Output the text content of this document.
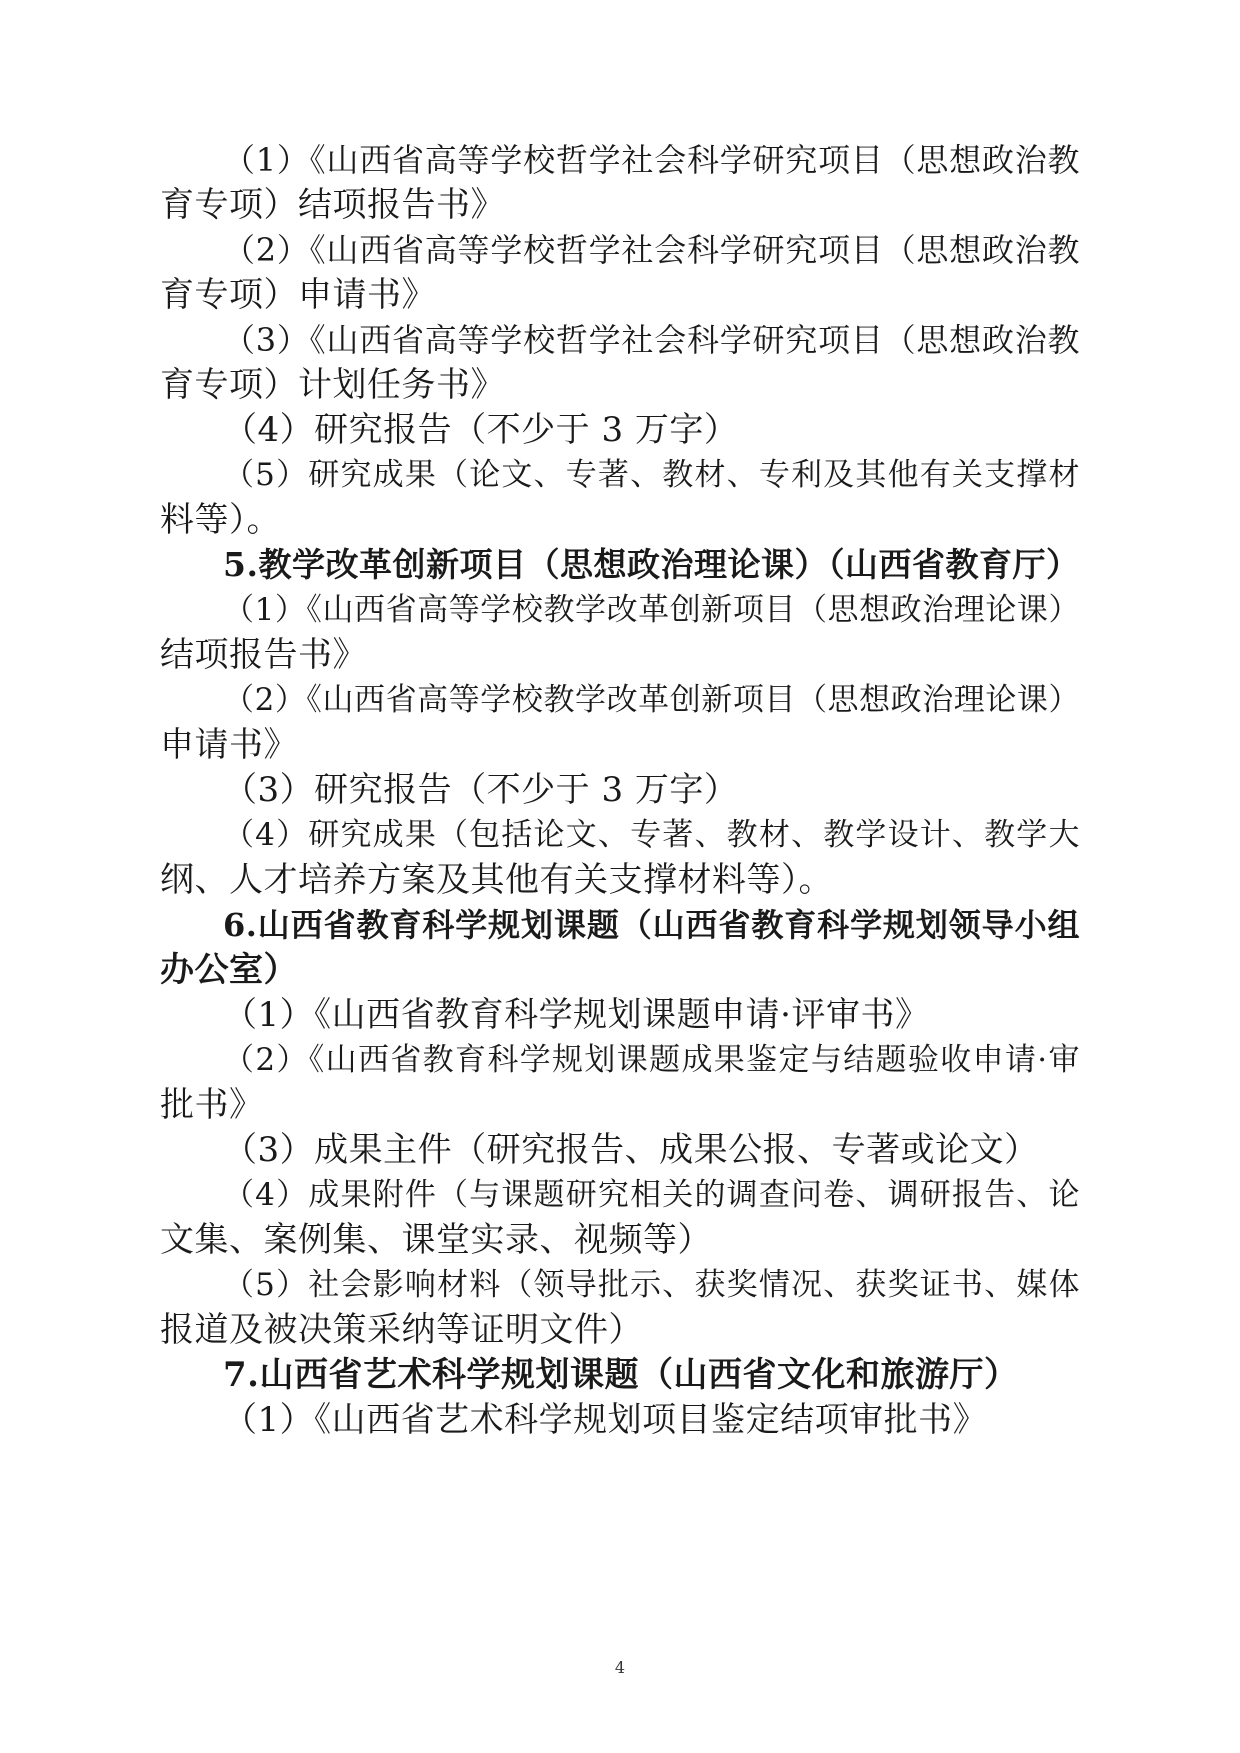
（1）《山西省高等学校哲学社会科学研究项目（思想政治教
育专项）结项报告书》
（2）《山西省高等学校哲学社会科学研究项目（思想政治教
育专项）申请书》
（3）《山西省高等学校哲学社会科学研究项目（思想政治教
育专项）计划任务书》
（4）研究报告（不少于 3 万字）
（5）研究成果（论文、专著、教材、专利及其他有关支撑材
料等）。
5.教学改革创新项目（思想政治理论课）（山西省教育厅）
（1）《山西省高等学校教学改革创新项目（思想政治理论课）
结项报告书》
（2）《山西省高等学校教学改革创新项目（思想政治理论课）
申请书》
（3）研究报告（不少于 3 万字）
（4）研究成果（包括论文、专著、教材、教学设计、教学大
纲、人才培养方案及其他有关支撑材料等）。
6.山西省教育科学规划课题（山西省教育科学规划领导小组
办公室）
（1）《山西省教育科学规划课题申请·评审书》
（2）《山西省教育科学规划课题成果鉴定与结题验收申请·审
批书》
（3）成果主件（研究报告、成果公报、专著或论文）
（4）成果附件（与课题研究相关的调查问卷、调研报告、论
文集、案例集、课堂实录、视频等）
（5）社会影响材料（领导批示、获奖情况、获奖证书、媒体
报道及被决策采纳等证明文件）
7.山西省艺术科学规划课题（山西省文化和旅游厅）
（1）《山西省艺术科学规划项目鉴定结项审批书》
4
